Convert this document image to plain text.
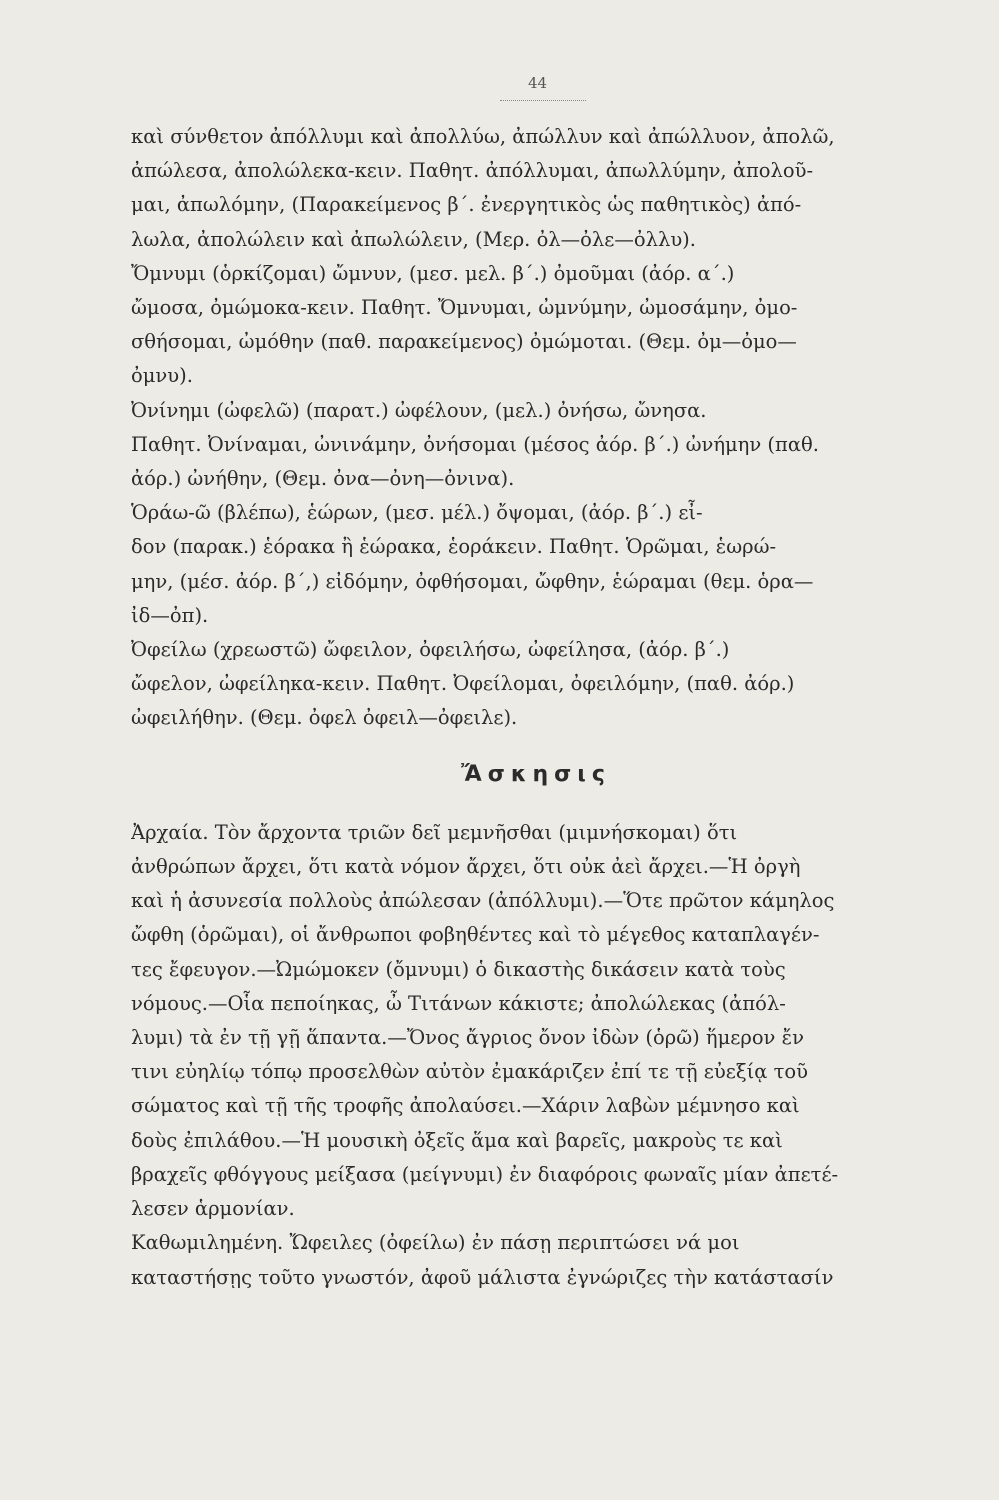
44
καὶ σύνθετον ἀπόλλυμι καὶ ἀπολλύω, ἀπώλλυν καὶ ἀπώλλυον, ἀπολῶ,
ἀπώλεσα, ἀπολώλεκα-κειν. Παθητ. ἀπόλλυμαι, ἀπωλλύμην, ἀπολοῦ-
μαι, ἀπωλόμην, (Παρακείμενος β΄. ἐνεργητικὸς ὡς παθητικὸς) ἀπό-
λωλα, ἀπολώλειν καὶ ἀπωλώλειν, (Μερ. ὀλ—ὀλε—ὀλλυ).
Ὄμνυμι (ὁρκίζομαι) ὤμνυν, (μεσ. μελ. β΄.) ὀμοῦμαι (ἀόρ. α΄.)
ὤμοσα, ὀμώμοκα-κειν. Παθητ. Ὄμνυμαι, ὠμνύμην, ὠμοσάμην, ὀμο-
σθήσομαι, ὠμόθην (παθ. παρακείμενος) ὀμώμοται. (Θεμ. ὀμ—ὀμο—
ὀμνυ).
Ὀνίνημι (ὠφελῶ) (παρατ.) ὠφέλουν, (μελ.) ὀνήσω, ὤνησα.
Παθητ. Ὀνίναμαι, ὠνινάμην, ὀνήσομαι (μέσος ἀόρ. β΄.) ὠνήμην (παθ.
ἀόρ.) ὠνήθην, (Θεμ. ὀνα—ὀνη—ὀνινα).
Ὁράω-ῶ (βλέπω), ἑώρων, (μεσ. μέλ.) ὄψομαι, (ἀόρ. β΄.) εἶ-
δον (παρακ.) ἑόρακα ἢ ἑώρακα, ἑοράκειν. Παθητ. Ὁρῶμαι, ἑωρώ-
μην, (μέσ. ἀόρ. β΄,) εἰδόμην, ὀφθήσομαι, ὤφθην, ἑώραμαι (θεμ. ὁρα—
ἰδ—ὀπ).
Ὀφείλω (χρεωστῶ) ὤφειλον, ὀφειλήσω, ὠφείλησα, (ἀόρ. β΄.)
ὤφελον, ὠφείληκα-κειν. Παθητ. Ὀφείλομαι, ὀφειλόμην, (παθ. ἀόρ.)
ὠφειλήθην. (Θεμ. ὀφελ ὀφειλ—ὀφειλε).
Ἄσκησις
Ἀρχαία. Τὸν ἄρχοντα τριῶν δεῖ μεμνῆσθαι (μιμνήσκομαι) ὅτι
ἀνθρώπων ἄρχει, ὅτι κατὰ νόμον ἄρχει, ὅτι οὐκ ἀεὶ ἄρχει.—Ἡ ὀργὴ
καὶ ἡ ἀσυνεσία πολλοὺς ἀπώλεσαν (ἀπόλλυμι).—Ὅτε πρῶτον κάμηλος
ὤφθη (ὁρῶμαι), οἱ ἄνθρωποι φοβηθέντες καὶ τὸ μέγεθος καταπλαγέν-
τες ἔφευγον.—Ὠμώμοκεν (ὄμνυμι) ὁ δικαστὴς δικάσειν κατὰ τοὺς
νόμους.—Οἷα πεποίηκας, ὦ Τιτάνων κάκιστε; ἀπολώλεκας (ἀπόλ-
λυμι) τὰ ἐν τῇ γῇ ἅπαντα.—Ὄνος ἄγριος ὄνον ἰδὼν (ὁρῶ) ἥμερον ἔν
τινι εὐηλίῳ τόπῳ προσελθὼν αὐτὸν ἐμακάριζεν ἐπί τε τῇ εὐεξίᾳ τοῦ
σώματος καὶ τῇ τῆς τροφῆς ἀπολαύσει.—Χάριν λαβὼν μέμνησο καὶ
δοὺς ἐπιλάθου.—Ἡ μουσικὴ ὀξεῖς ἅμα καὶ βαρεῖς, μακροὺς τε καὶ
βραχεῖς φθόγγους μείξασα (μείγνυμι) ἐν διαφόροις φωναῖς μίαν ἀπετέ-
λεσεν ἁρμονίαν.
Καθωμιλημένη. Ὤφειλες (ὀφείλω) ἐν πάσῃ περιπτώσει νά μοι
καταστήσῃς τοῦτο γνωστόν, ἀφοῦ μάλιστα ἐγνώριζες τὴν κατάστασίν
